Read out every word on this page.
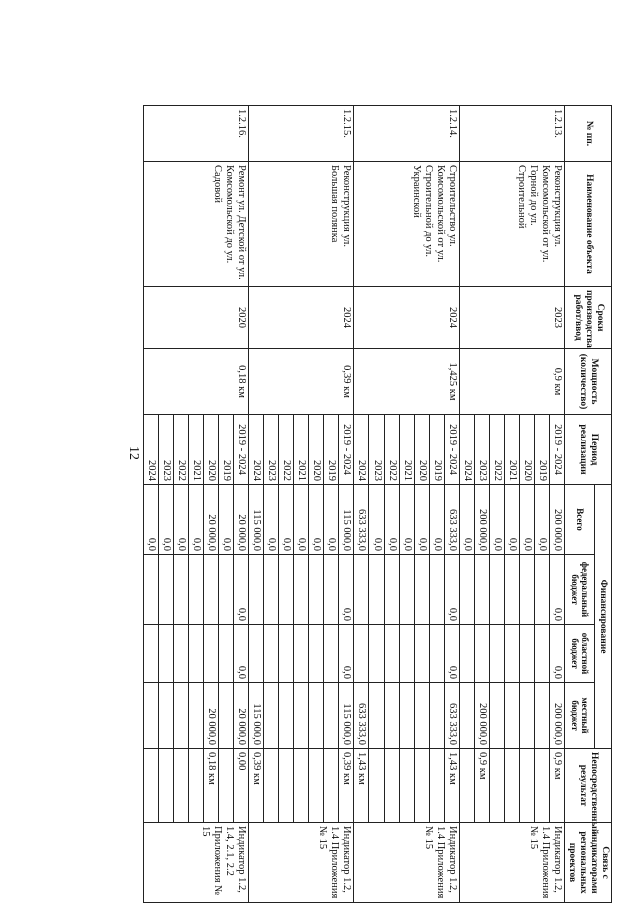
12
№ пп.	Наименование объекта	Сроки производства работ/ввод	Мощность (количество)	Период реализации	Финансирование				Непосредственный результат	Связь с индикаторами региональных проектов
					Всего	федеральный бюджет	областной бюджет	местный бюджет		
1.2.13.	Реконструкция ул. Комсомольской от ул. Горной до ул. Строительной	2023	0,9 км	2019 - 2024	200 000,0	0,0	0,0	200 000,0	0,9 км	Индикатор 1.2, 1.4 Приложения № 15
				2019	0,0					
				2020	0,0					
				2021	0,0					
				2022	0,0					
				2023	200 000,0			200 000,0	0,9 км	
				2024	0,0					
1.2.14.	Строительство ул. Комсомольской от ул. Строительной до ул. Украинской	2024	1,425 км	2019 - 2024	633 333,0	0,0	0,0	633 333,0	1,43 км	Индикатор 1.2, 1.4 Приложения № 15
				2019	0,0					
				2020	0,0					
				2021	0,0					
				2022	0,0					
				2023	0,0					
				2024	633 333,0			633 333,0	1,43 км	
1.2.15.	Реконструкция ул. Большая полянка	2024	0,39 км	2019 - 2024	115 000,0	0,0	0,0	115 000,0	0,39 км	Индикатор 1.2, 1.4 Приложения № 15
				2019	0,0					
				2020	0,0					
				2021	0,0					
				2022	0,0					
				2023	0,0					
				2024	115 000,0			115 000,0	0,39 км	
1.2.16.	Ремонт ул. Детской от ул. Комсомольской до ул. Садовой	2020	0,18 км	2019 - 2024	20 000,0	0,0	0,0	20 000,0	0,00	Индикатор 1.2, 1.4, 2.1, 2.2 Приложения № 15
				2019	0,0					
				2020	20 000,0			20 000,0	0,18 км	
				2021	0,0					
				2022	0,0					
				2023	0,0					
				2024	0,0					
